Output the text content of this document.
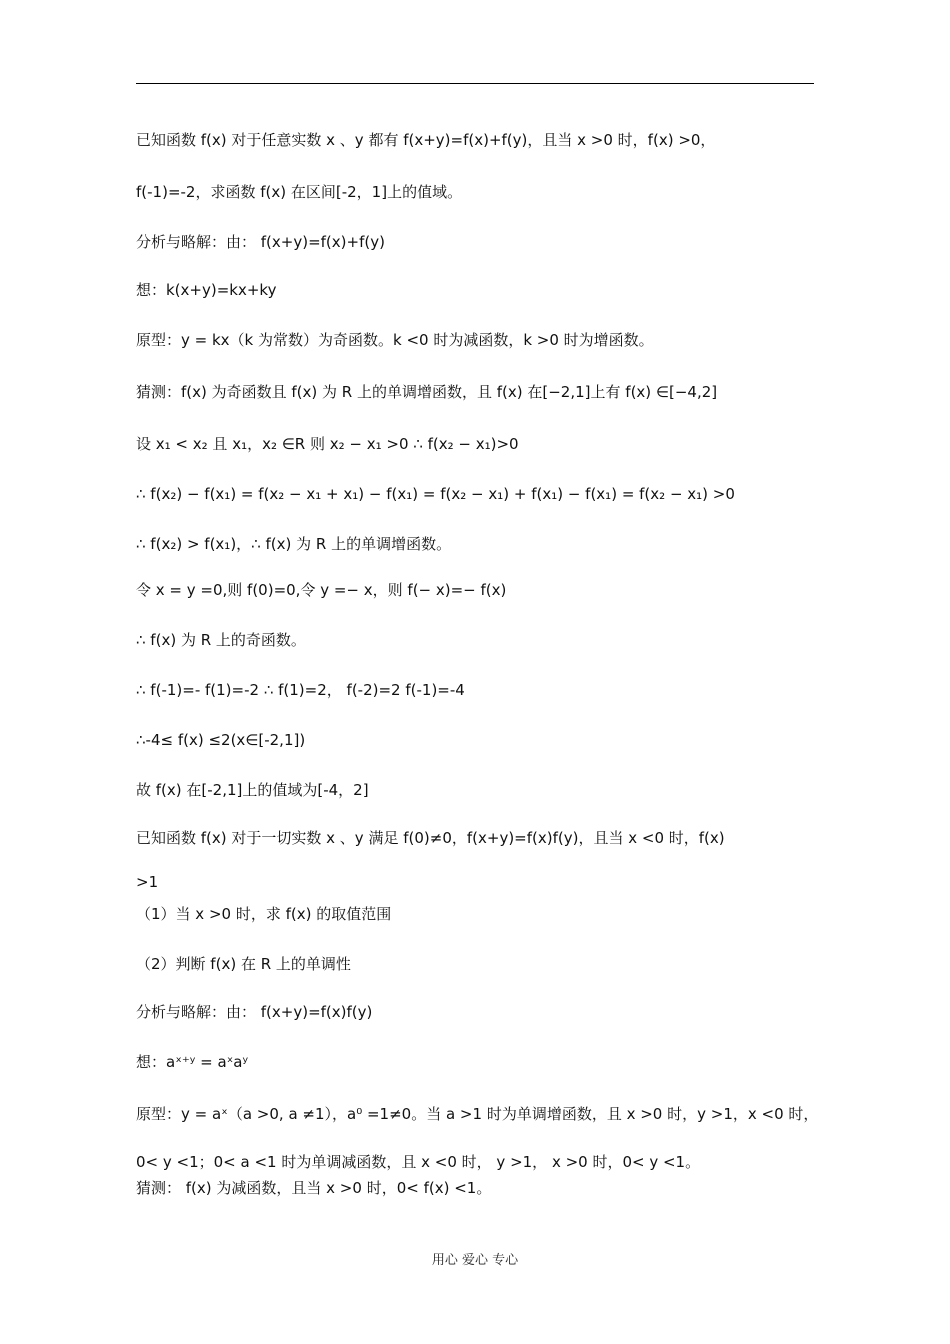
已知函数 f(x) 对于任意实数 x 、y 都有 f(x+y)=f(x)+f(y)，且当 x >0 时，f(x) >0，
f(-1)=-2，求函数 f(x) 在区间[-2，1]上的值域。
分析与略解：由： f(x+y)=f(x)+f(y)
想：k(x+y)=kx+ky
原型：y = kx（k 为常数）为奇函数。k <0 时为减函数，k >0 时为增函数。
猜测：f(x) 为奇函数且 f(x) 为 R 上的单调增函数，且 f(x) 在[−2,1]上有 f(x) ∈[−4,2]
设 x₁ < x₂ 且 x₁，x₂ ∈R 则 x₂ − x₁ >0 ∴ f(x₂ − x₁)>0
∴ f(x₂) − f(x₁) = f(x₂ − x₁ + x₁) − f(x₁) = f(x₂ − x₁) + f(x₁) − f(x₁) = f(x₂ − x₁) >0
∴ f(x₂) > f(x₁)，∴ f(x) 为 R 上的单调增函数。
令 x = y =0,则 f(0)=0,令 y =− x，则 f(− x)=− f(x)
∴ f(x) 为 R 上的奇函数。
∴ f(-1)=- f(1)=-2 ∴ f(1)=2， f(-2)=2 f(-1)=-4
∴-4≤ f(x) ≤2(x∈[-2,1])
故 f(x) 在[-2,1]上的值域为[-4，2]
已知函数 f(x) 对于一切实数 x 、y 满足 f(0)≠0，f(x+y)=f(x)f(y)，且当 x <0 时，f(x)
>1
（1）当 x >0 时，求 f(x) 的取值范围
（2）判断 f(x) 在 R 上的单调性
分析与略解：由： f(x+y)=f(x)f(y)
想：aˣ⁺ʸ = aˣaʸ
原型：y = aˣ（a >0, a ≠1），a⁰ =1≠0。当 a >1 时为单调增函数，且 x >0 时，y >1，x <0 时，
0< y <1；0< a <1 时为单调减函数，且 x <0 时， y >1， x >0 时，0< y <1。
猜测： f(x) 为减函数，且当 x >0 时，0< f(x) <1。
用心 爱心 专心
